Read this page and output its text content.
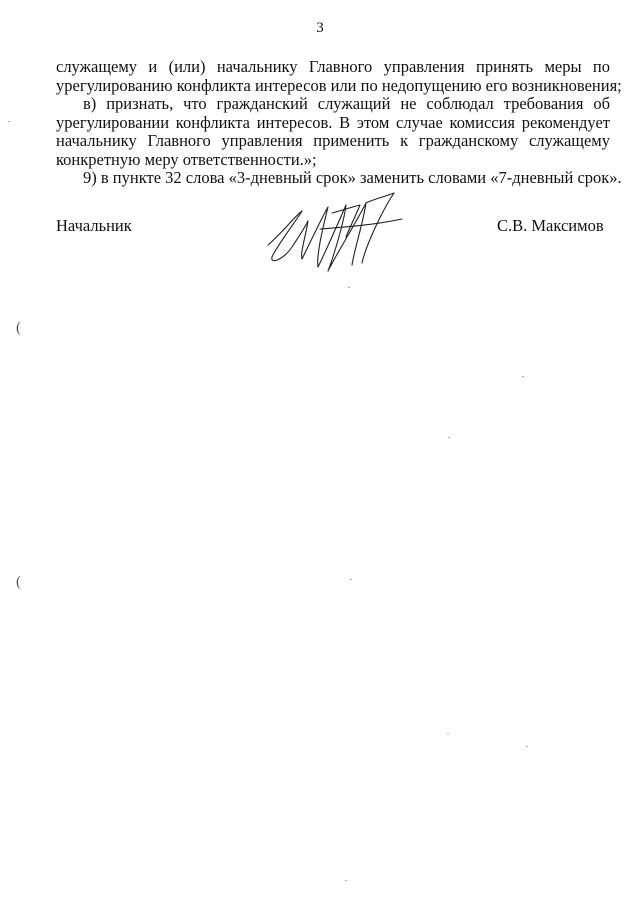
3
служащему и (или) начальнику Главного управления принять меры по
урегулированию конфликта интересов или по недопущению его возникновения;
в) признать, что гражданский служащий не соблюдал требования об
урегулировании конфликта интересов. В этом случае комиссия рекомендует
начальнику Главного управления применить к гражданскому служащему
конкретную меру ответственности.»;
9) в пункте 32 слова «3-дневный срок» заменить словами «7-дневный срок».
Начальник	С.В. Максимов
(
(
